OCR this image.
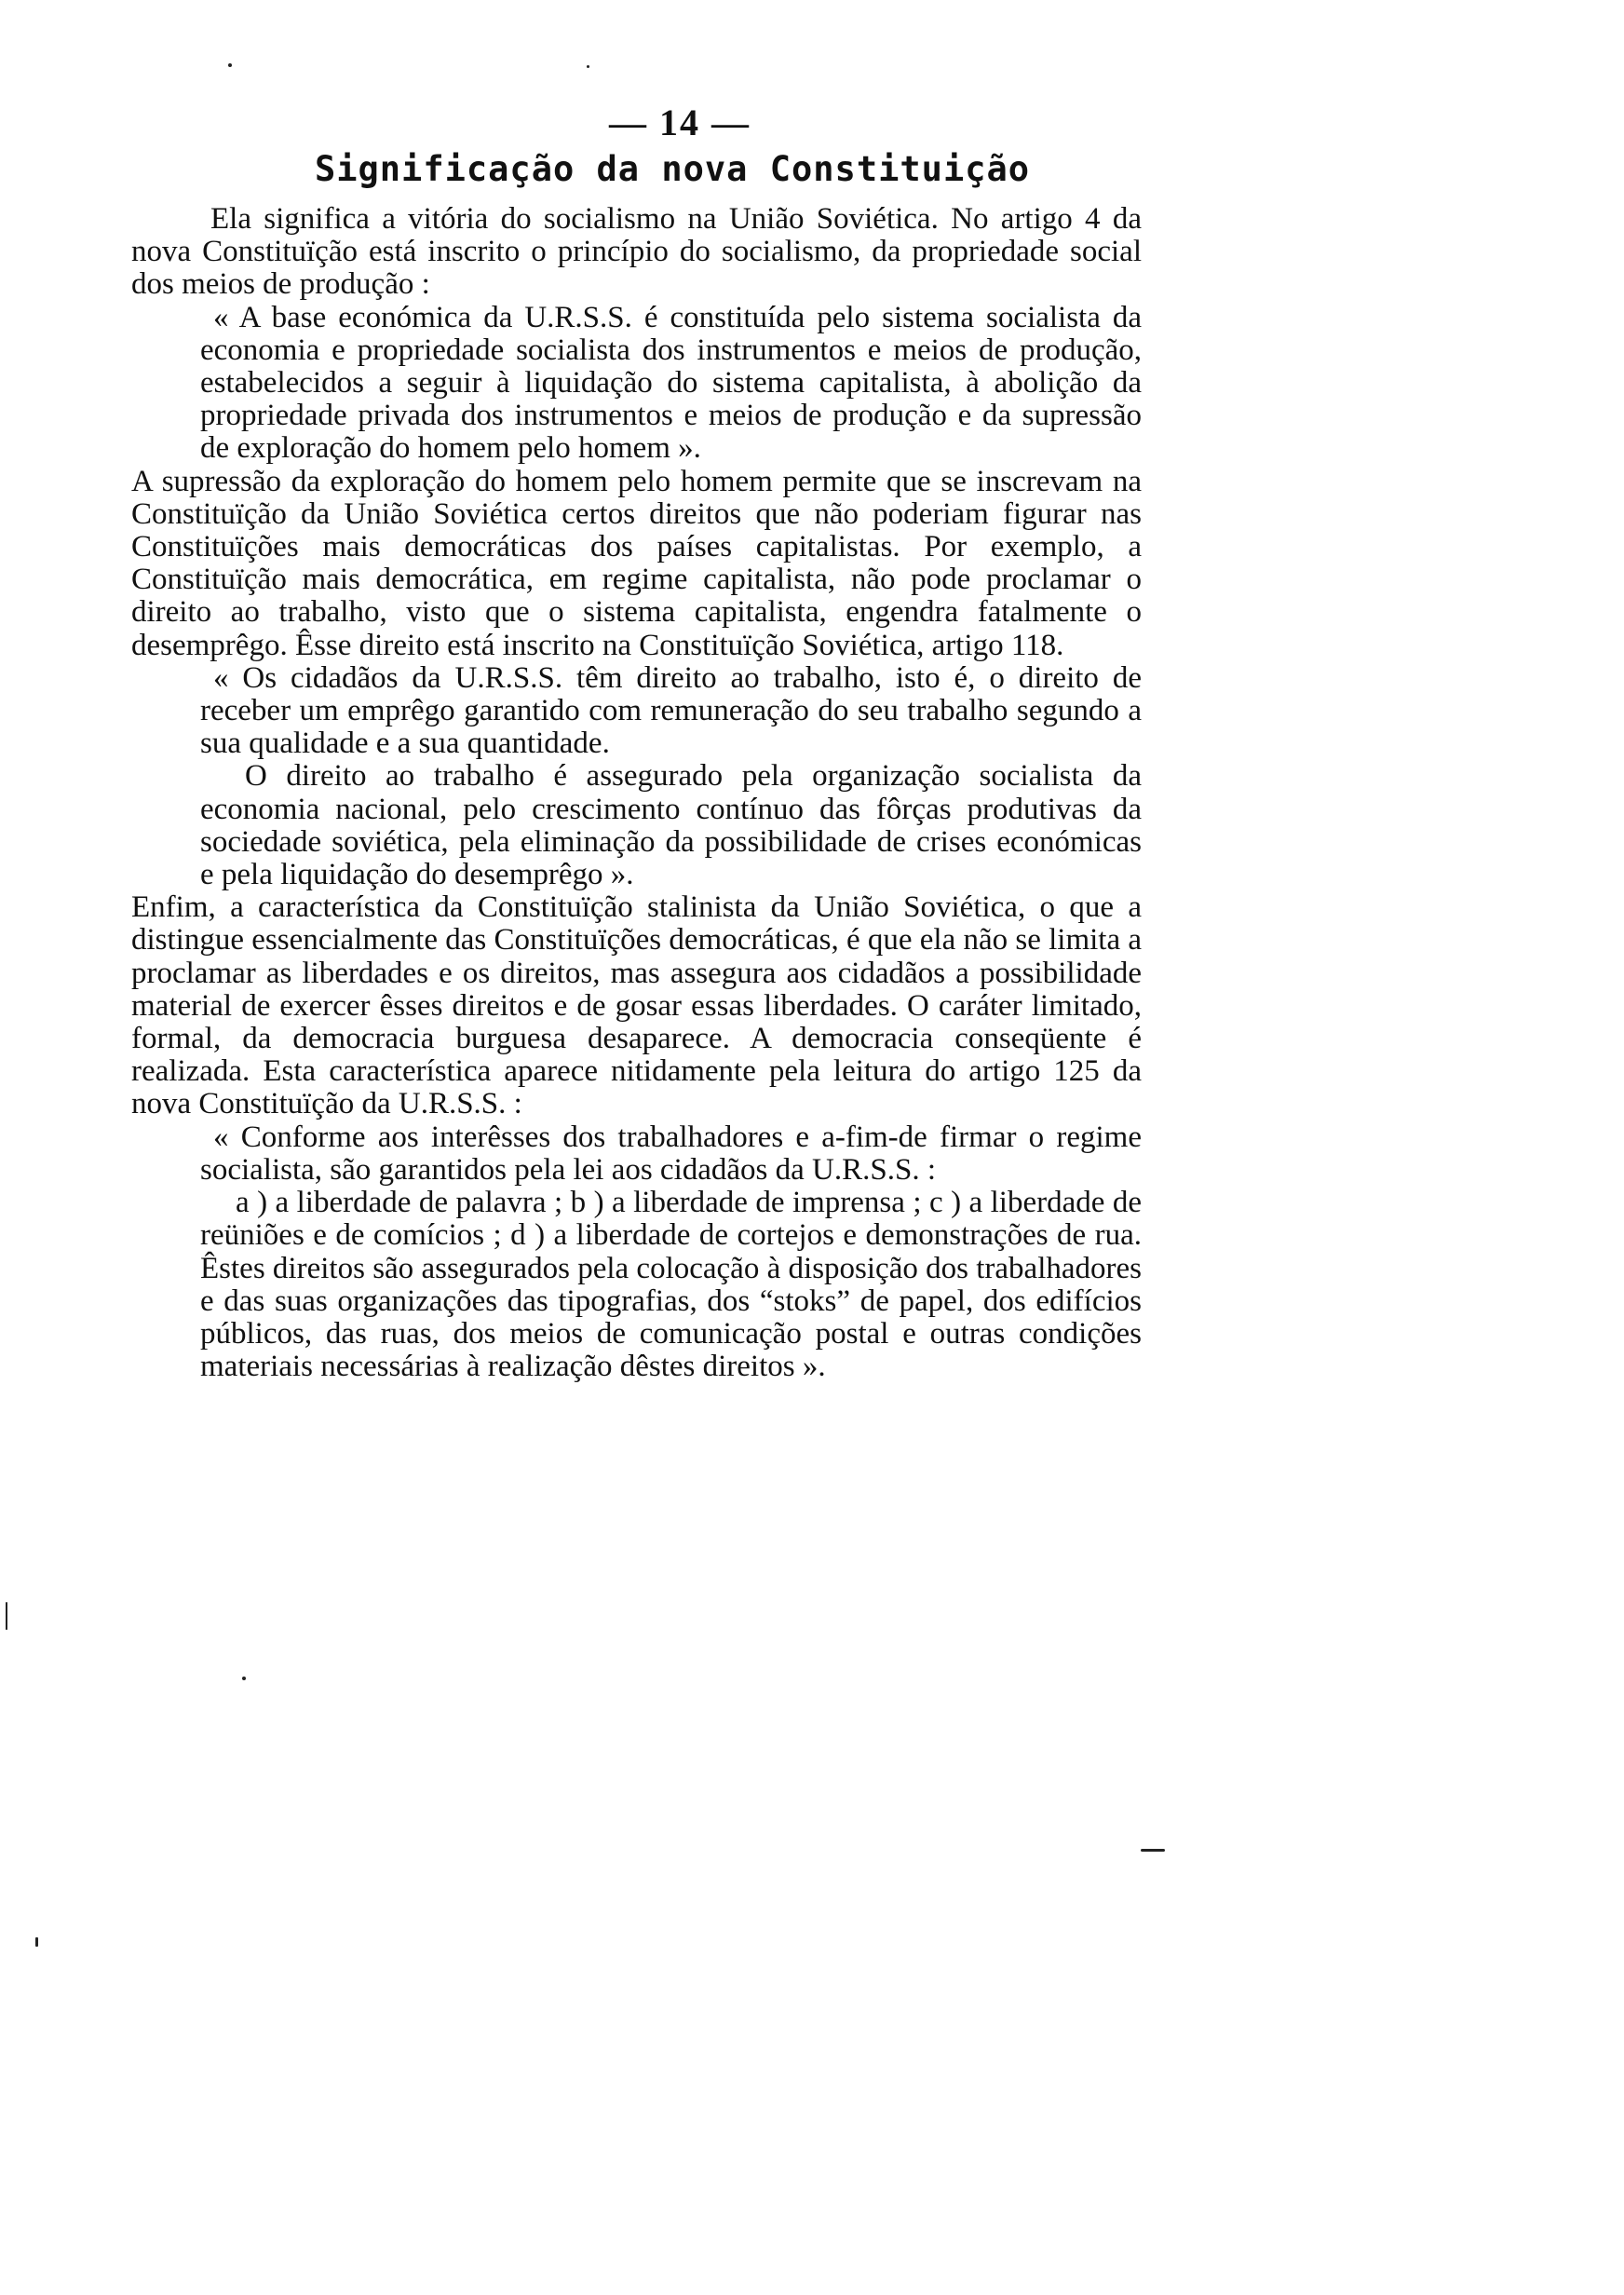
— 14 —
Significação da nova Constituição

Ela significa a vitória do socialismo na União Soviética. No artigo 4 da nova Constituïção está inscrito o princípio do socialismo, da propriedade social dos meios de produção :

« A base económica da U.R.S.S. é constituída pelo sistema socialista da economia e propriedade socialista dos instrumentos e meios de produção, estabelecidos a seguir à liquidação do sistema capitalista, à abolição da propriedade privada dos instrumentos e meios de produção e da supressão de exploração do homem pelo homem ».

A supressão da exploração do homem pelo homem permite que se inscrevam na Constituïção da União Soviética certos direitos que não poderiam figurar nas Constituïções mais democráticas dos países capitalistas. Por exemplo, a Constituïção mais democrática, em regime capitalista, não pode proclamar o direito ao trabalho, visto que o sistema capitalista, engendra fatalmente o desemprêgo. Êsse direito está inscrito na Constituïção Soviética, artigo 118.

« Os cidadãos da U.R.S.S. têm direito ao trabalho, isto é, o direito de receber um emprêgo garantido com remuneração do seu trabalho segundo a sua qualidade e a sua quantidade.

O direito ao trabalho é assegurado pela organização socialista da economia nacional, pelo crescimento contínuo das fôrças produtivas da sociedade soviética, pela eliminação da possibilidade de crises económicas e pela liquidação do desemprêgo ».

Enfim, a característica da Constituïção stalinista da União Soviética, o que a distingue essencialmente das Constituïções democráticas, é que ela não se limita a proclamar as liberdades e os direitos, mas assegura aos cidadãos a possibilidade material de exercer êsses direitos e de gosar essas liberdades. O caráter limitado, formal, da democracia burguesa desaparece. A democracia conseqüente é realizada. Esta característica aparece nitidamente pela leitura do artigo 125 da nova Constituïção da U.R.S.S. :

« Conforme aos interêsses dos trabalhadores e a-fim-de firmar o regime socialista, são garantidos pela lei aos cidadãos da U.R.S.S. :

a ) a liberdade de palavra ; b ) a liberdade de imprensa ; c ) a liberdade de reüniões e de comícios ; d ) a liberdade de cortejos e demonstrações de rua. Êstes direitos são assegurados pela colocação à disposição dos trabalhadores e das suas organizações das tipografias, dos “stoks” de papel, dos edifícios públicos, das ruas, dos meios de comunicação postal e outras condições materiais necessárias à realização dêstes direitos ».
